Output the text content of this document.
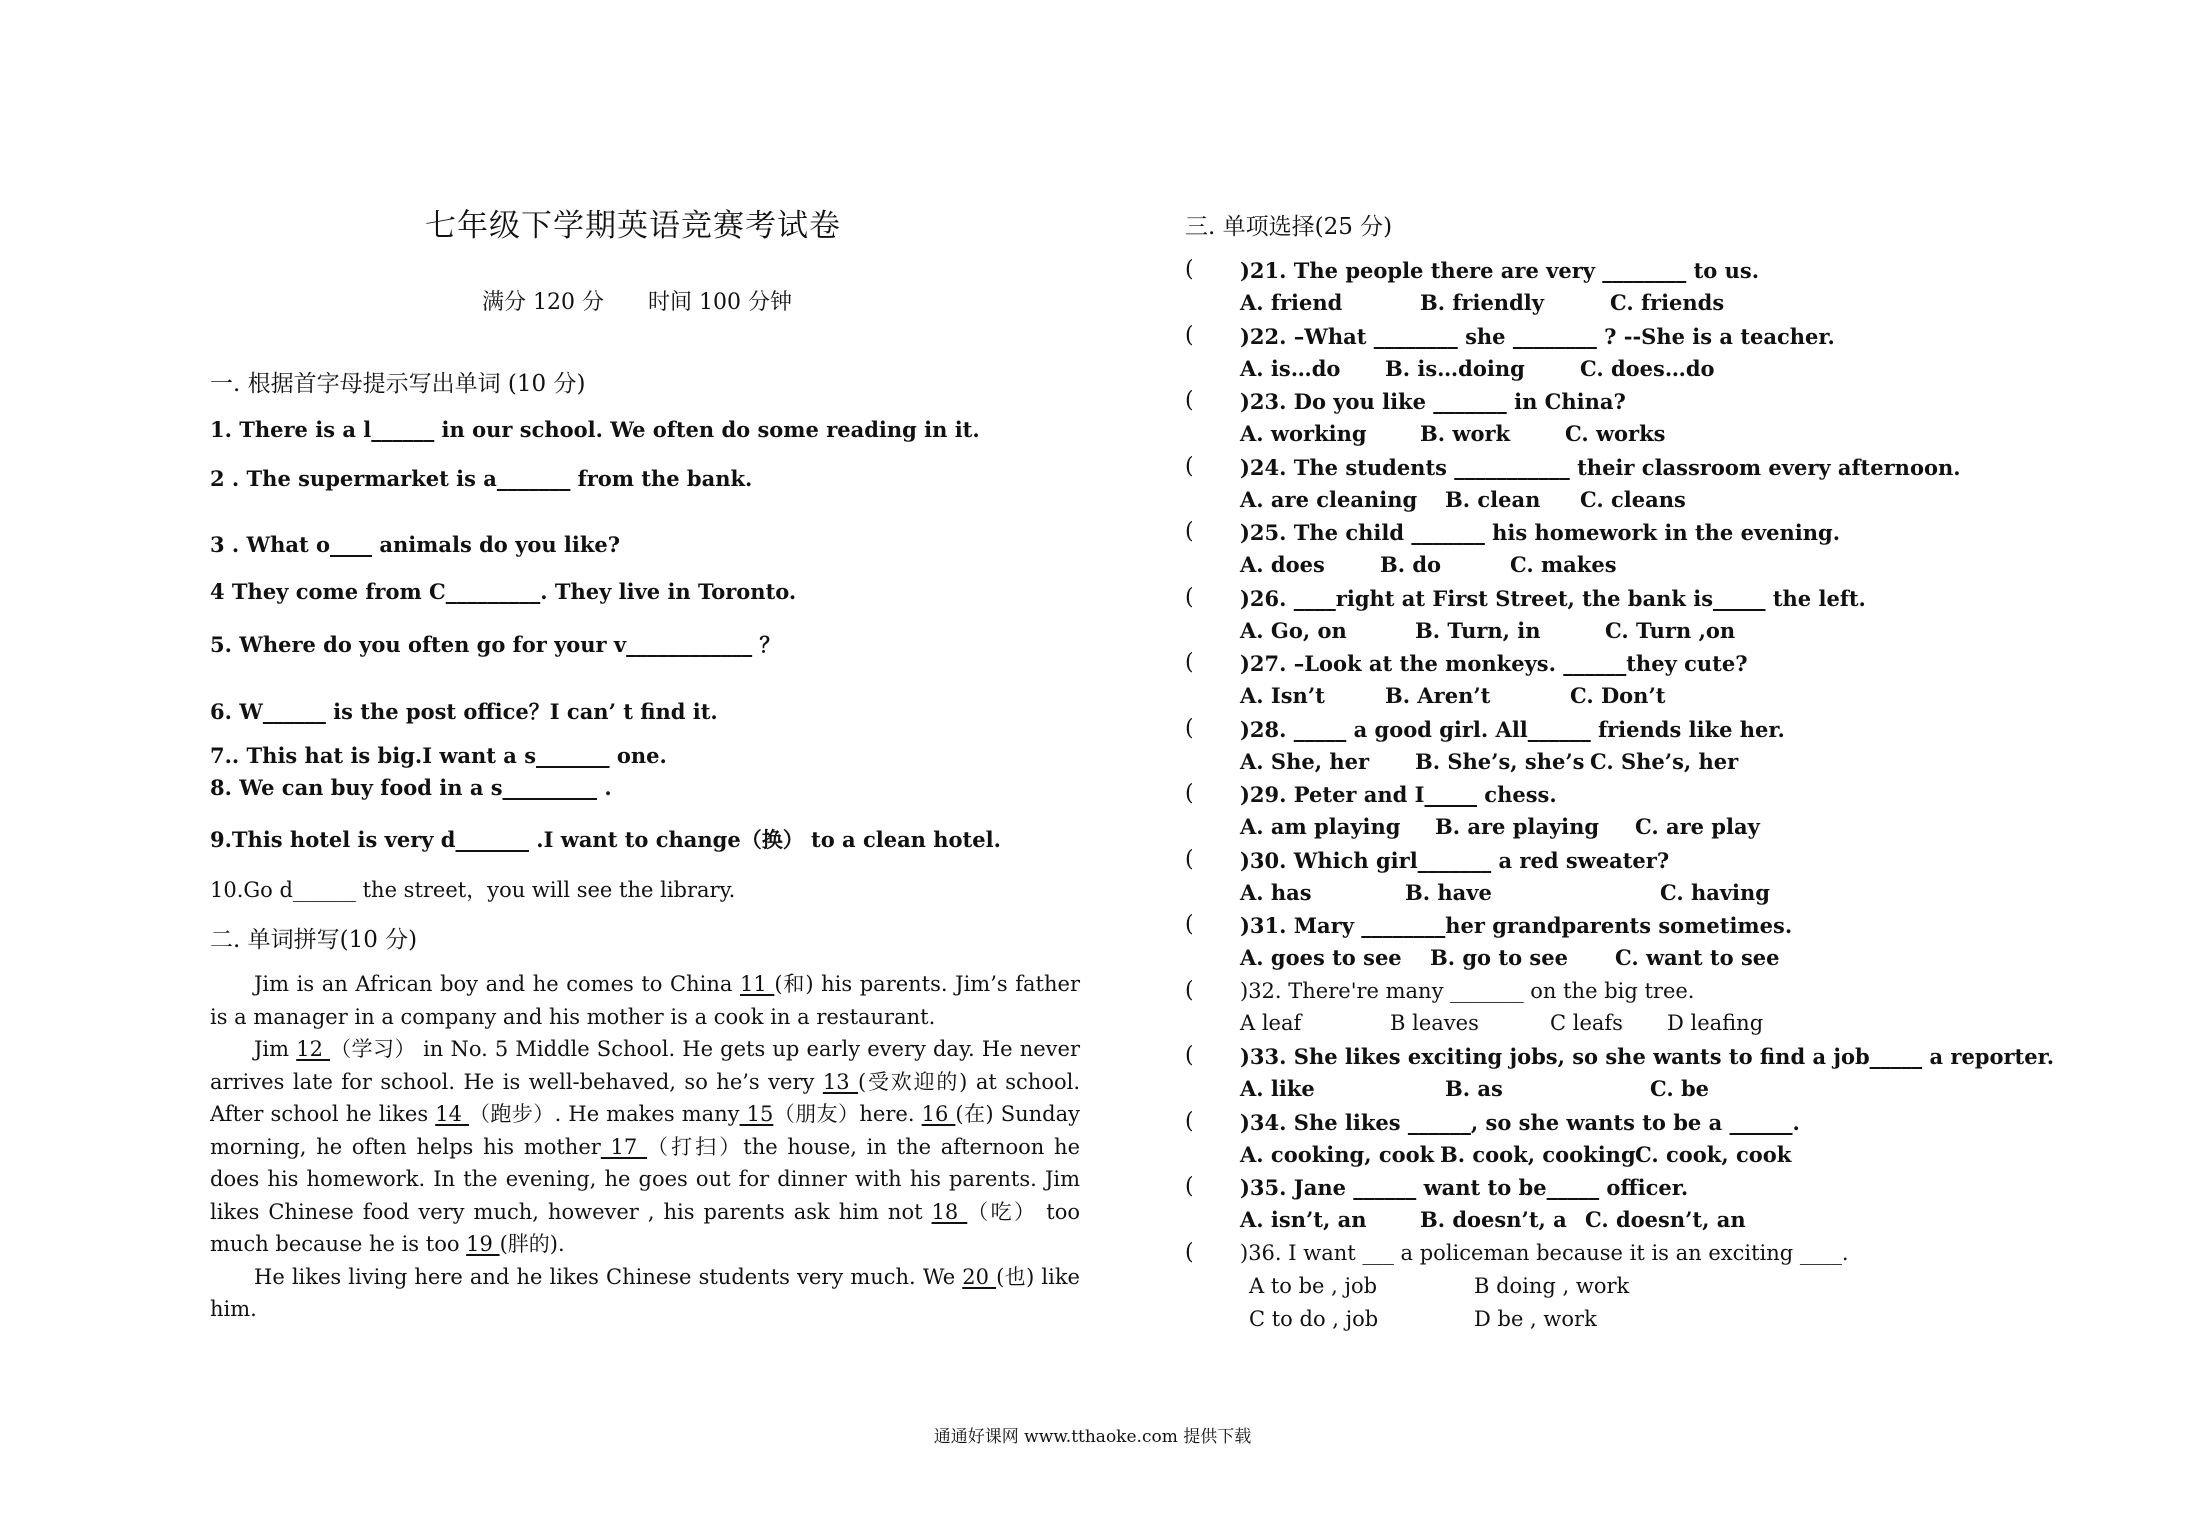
七年级下学期英语竞赛考试卷
满分 120 分　　时间 100 分钟
一. 根据首字母提示写出单词 (10 分)
1. There is a l______ in our school. We often do some reading in it.
2 . The supermarket is a_______ from the bank.
3 . What o____ animals do you like?
4 They come from C_________. They live in Toronto.
5. Where do you often go for your v____________ ？
6. W______ is the post office？I can’ t find it.
7.. This hat is big.I want a s_______ one.
8. We can buy food in a s_________ .
9.This hotel is very d_______ .I want to change（换） to a clean hotel.
10.Go d______ the street，you will see the library.
二. 单词拼写(10 分)

Jim is an African boy and he comes to China 11 (和) his parents. Jim’s father is a manager in a company and his mother is a cook in a restaurant.

Jim 12 （学习） in No. 5 Middle School. He gets up early every day. He never arrives late for school. He is well-behaved, so he’s very 13 (受欢迎的) at school. After school he likes 14 （跑步）. He makes many 15（朋友）here. 16 (在) Sunday morning, he often helps his mother 17 （打扫）the house, in the afternoon he does his homework. In the evening, he goes out for dinner with his parents. Jim likes Chinese food very much, however , his parents ask him not 18 （吃） too much because he is too 19 (胖的).

He likes living here and he likes Chinese students very much. We 20 (也) like him.

三. 单项选择(25 分)
( )21. The people there are very ________ to us.
A. friend	B. friendly	C. friends
( )22. –What ________ she ________ ? --She is a teacher.
A. is…do B. is…doing	C. does…do
( )23. Do you like _______ in China?
A. working	B. work	C. works
( )24. The students ___________ their classroom every afternoon.
A. are cleaning B. clean C. cleans
( )25. The child _______ his homework in the evening.
A. does	B. do	C. makes
( )26. ____right at First Street, the bank is_____ the left.
A. Go, on	B. Turn, in	C. Turn ,on
( )27. –Look at the monkeys. ______they cute?
A. Isn’t	B. Aren’t	C. Don’t
( )28. _____ a good girl. All______ friends like her.
A. She, her B. She’s, she’s C. She’s, her
( )29. Peter and I_____ chess.
A. am playing B. are playing C. are play
( )30. Which girl_______ a red sweater?
A. has	B. have	C. having
( )31. Mary ________her grandparents sometimes.
A. goes to see B. go to see C. want to see
( )32. There're many _______ on the big tree.
A leaf	B leaves	C leafs D leafing
( )33. She likes exciting jobs, so she wants to find a job_____ a reporter.
A. like	B. as	C. be
( )34. She likes ______, so she wants to be a ______.
A. cooking, cook B. cook, cooking C. cook, cook
( )35. Jane ______ want to be_____ officer.
A. isn’t, an	B. doesn’t, a C. doesn’t, an
( )36. I want ___ a policeman because it is an exciting ____.
A to be , job	B doing , work
C to do , job	D be , work
通通好课网 www.tthaoke.com 提供下载
